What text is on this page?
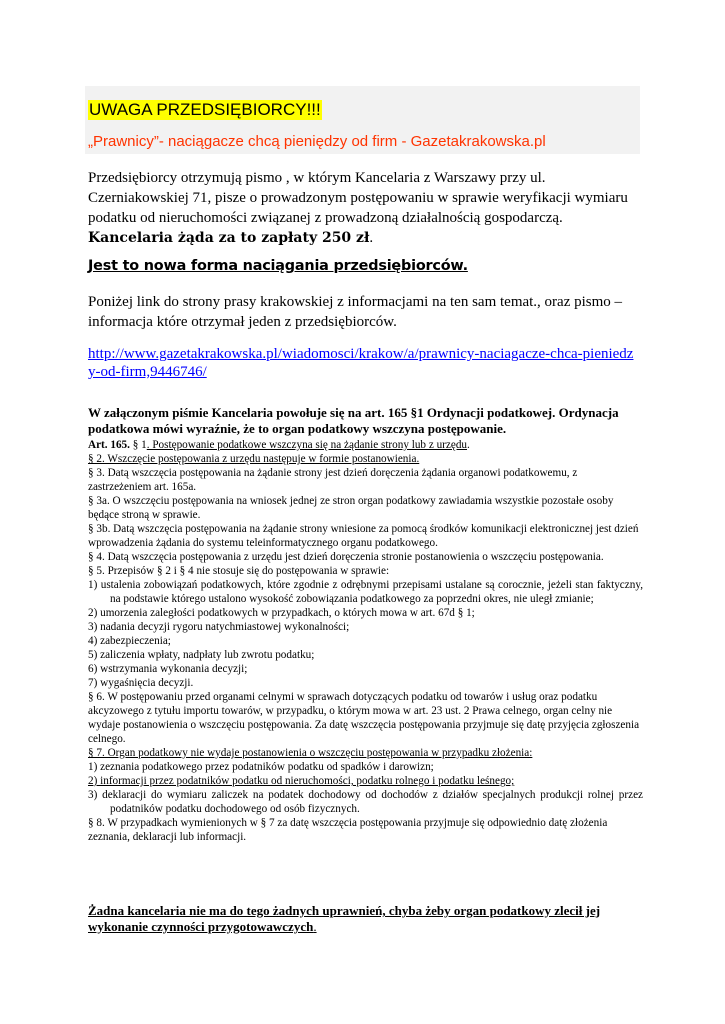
UWAGA PRZEDSIĘBIORCY!!!
„Prawnicy”- naciągacze chcą pieniędzy od firm - Gazetakrakowska.pl

Przedsiębiorcy otrzymują pismo , w którym Kancelaria z Warszawy przy ul. Czerniakowskiej 71, pisze o prowadzonym postępowaniu w sprawie weryfikacji wymiaru podatku od nieruchomości związanej z prowadzoną działalnością gospodarczą. Kancelaria żąda za to zapłaty 250 zł.

Jest to nowa forma naciągania przedsiębiorców.

Poniżej link do strony prasy krakowskiej z informacjami na ten sam temat., oraz pismo – informacja które otrzymał jeden z przedsiębiorców.

http://www.gazetakrakowska.pl/wiadomosci/krakow/a/prawnicy-naciagacze-chca-pieniedzy-od-firm,9446746/

W załączonym piśmie Kancelaria powołuje się na art. 165 §1 Ordynacji podatkowej. Ordynacja podatkowa mówi wyraźnie, że to organ podatkowy wszczyna postępowanie.

Art. 165. § 1. Postępowanie podatkowe wszczyna się na żądanie strony lub z urzędu.
§ 2. Wszczęcie postępowania z urzędu następuje w formie postanowienia.
§ 3. Datą wszczęcia postępowania na żądanie strony jest dzień doręczenia żądania organowi podatkowemu, z zastrzeżeniem art. 165a.
§ 3a. O wszczęciu postępowania na wniosek jednej ze stron organ podatkowy zawiadamia wszystkie pozostałe osoby będące stroną w sprawie.
§ 3b. Datą wszczęcia postępowania na żądanie strony wniesione za pomocą środków komunikacji elektronicznej jest dzień wprowadzenia żądania do systemu teleinformatycznego organu podatkowego.
§ 4. Datą wszczęcia postępowania z urzędu jest dzień doręczenia stronie postanowienia o wszczęciu postępowania.
§ 5. Przepisów § 2 i § 4 nie stosuje się do postępowania w sprawie:
1) ustalenia zobowiązań podatkowych, które zgodnie z odrębnymi przepisami ustalane są corocznie, jeżeli stan faktyczny, na podstawie którego ustalono wysokość zobowiązania podatkowego za poprzedni okres, nie uległ zmianie;
2) umorzenia zaległości podatkowych w przypadkach, o których mowa w art. 67d § 1;
3) nadania decyzji rygoru natychmiastowej wykonalności;
4) zabezpieczenia;
5) zaliczenia wpłaty, nadpłaty lub zwrotu podatku;
6) wstrzymania wykonania decyzji;
7) wygaśnięcia decyzji.
§ 6. W postępowaniu przed organami celnymi w sprawach dotyczących podatku od towarów i usług oraz podatku akcyzowego z tytułu importu towarów, w przypadku, o którym mowa w art. 23 ust. 2 Prawa celnego, organ celny nie wydaje postanowienia o wszczęciu postępowania. Za datę wszczęcia postępowania przyjmuje się datę przyjęcia zgłoszenia celnego.
§ 7. Organ podatkowy nie wydaje postanowienia o wszczęciu postępowania w przypadku złożenia:
1) zeznania podatkowego przez podatników podatku od spadków i darowizn;
2) informacji przez podatników podatku od nieruchomości, podatku rolnego i podatku leśnego;
3) deklaracji do wymiaru zaliczek na podatek dochodowy od dochodów z działów specjalnych produkcji rolnej przez podatników podatku dochodowego od osób fizycznych.
§ 8. W przypadkach wymienionych w § 7 za datę wszczęcia postępowania przyjmuje się odpowiednio datę złożenia zeznania, deklaracji lub informacji.

Żadna kancelaria nie ma do tego żadnych uprawnień, chyba żeby organ podatkowy zlecił jej wykonanie czynności przygotowawczych.
